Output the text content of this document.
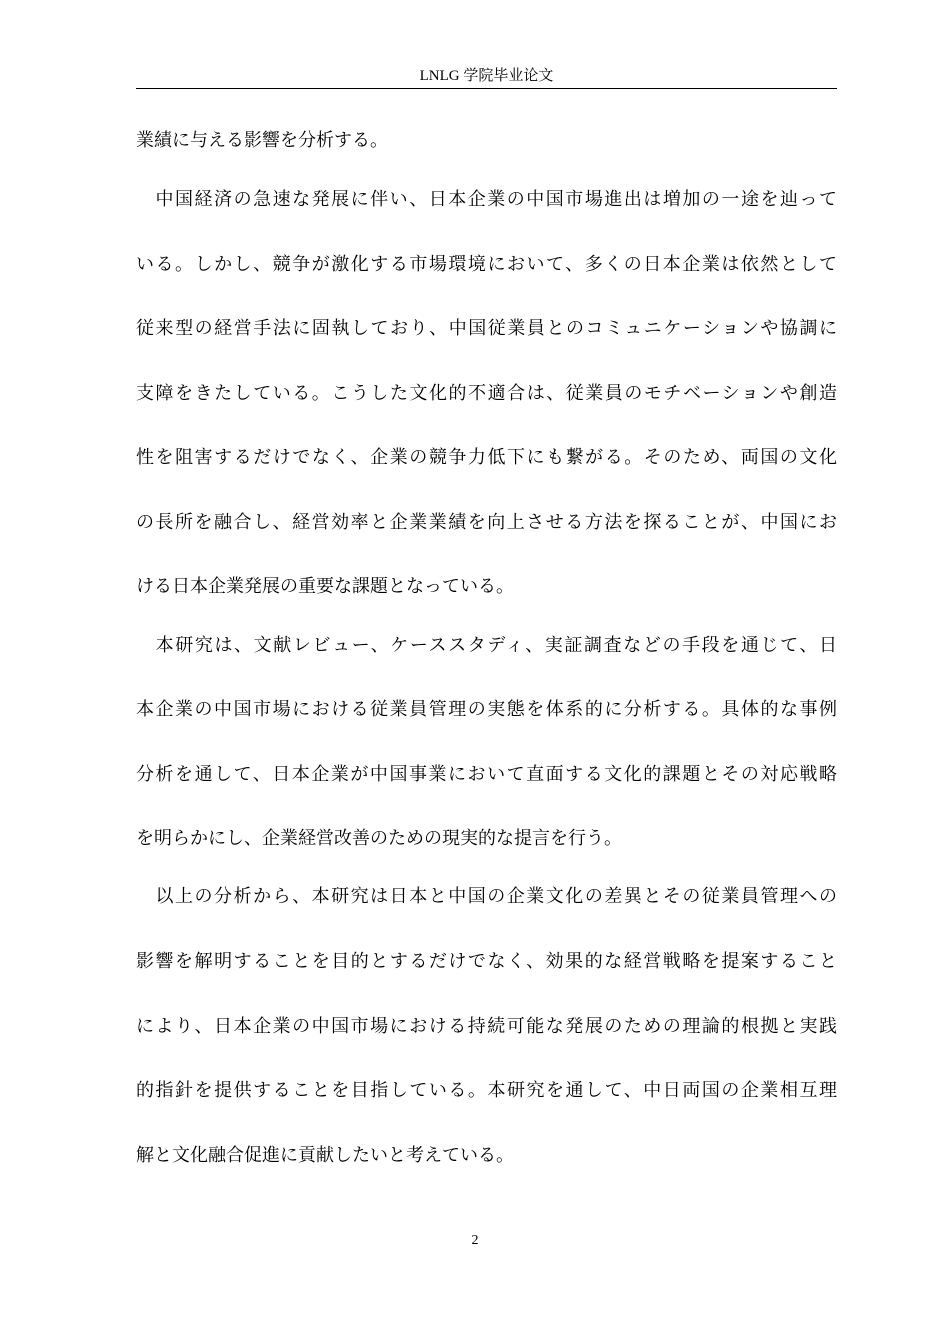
LNLG 学院毕业论文
業績に与える影響を分析する。
　中国経済の急速な発展に伴い、日本企業の中国市場進出は増加の一途を辿って
いる。しかし、競争が激化する市場環境において、多くの日本企業は依然として
従来型の経営手法に固執しており、中国従業員とのコミュニケーションや協調に
支障をきたしている。こうした文化的不適合は、従業員のモチベーションや創造
性を阻害するだけでなく、企業の競争力低下にも繋がる。そのため、両国の文化
の長所を融合し、経営効率と企業業績を向上させる方法を探ることが、中国にお
ける日本企業発展の重要な課題となっている。
　本研究は、文献レビュー、ケーススタディ、実証調査などの手段を通じて、日
本企業の中国市場における従業員管理の実態を体系的に分析する。具体的な事例
分析を通して、日本企業が中国事業において直面する文化的課題とその対応戦略
を明らかにし、企業経営改善のための現実的な提言を行う。
　以上の分析から、本研究は日本と中国の企業文化の差異とその従業員管理への
影響を解明することを目的とするだけでなく、効果的な経営戦略を提案すること
により、日本企業の中国市場における持続可能な発展のための理論的根拠と実践
的指針を提供することを目指している。本研究を通して、中日両国の企業相互理
解と文化融合促進に貢献したいと考えている。
2
